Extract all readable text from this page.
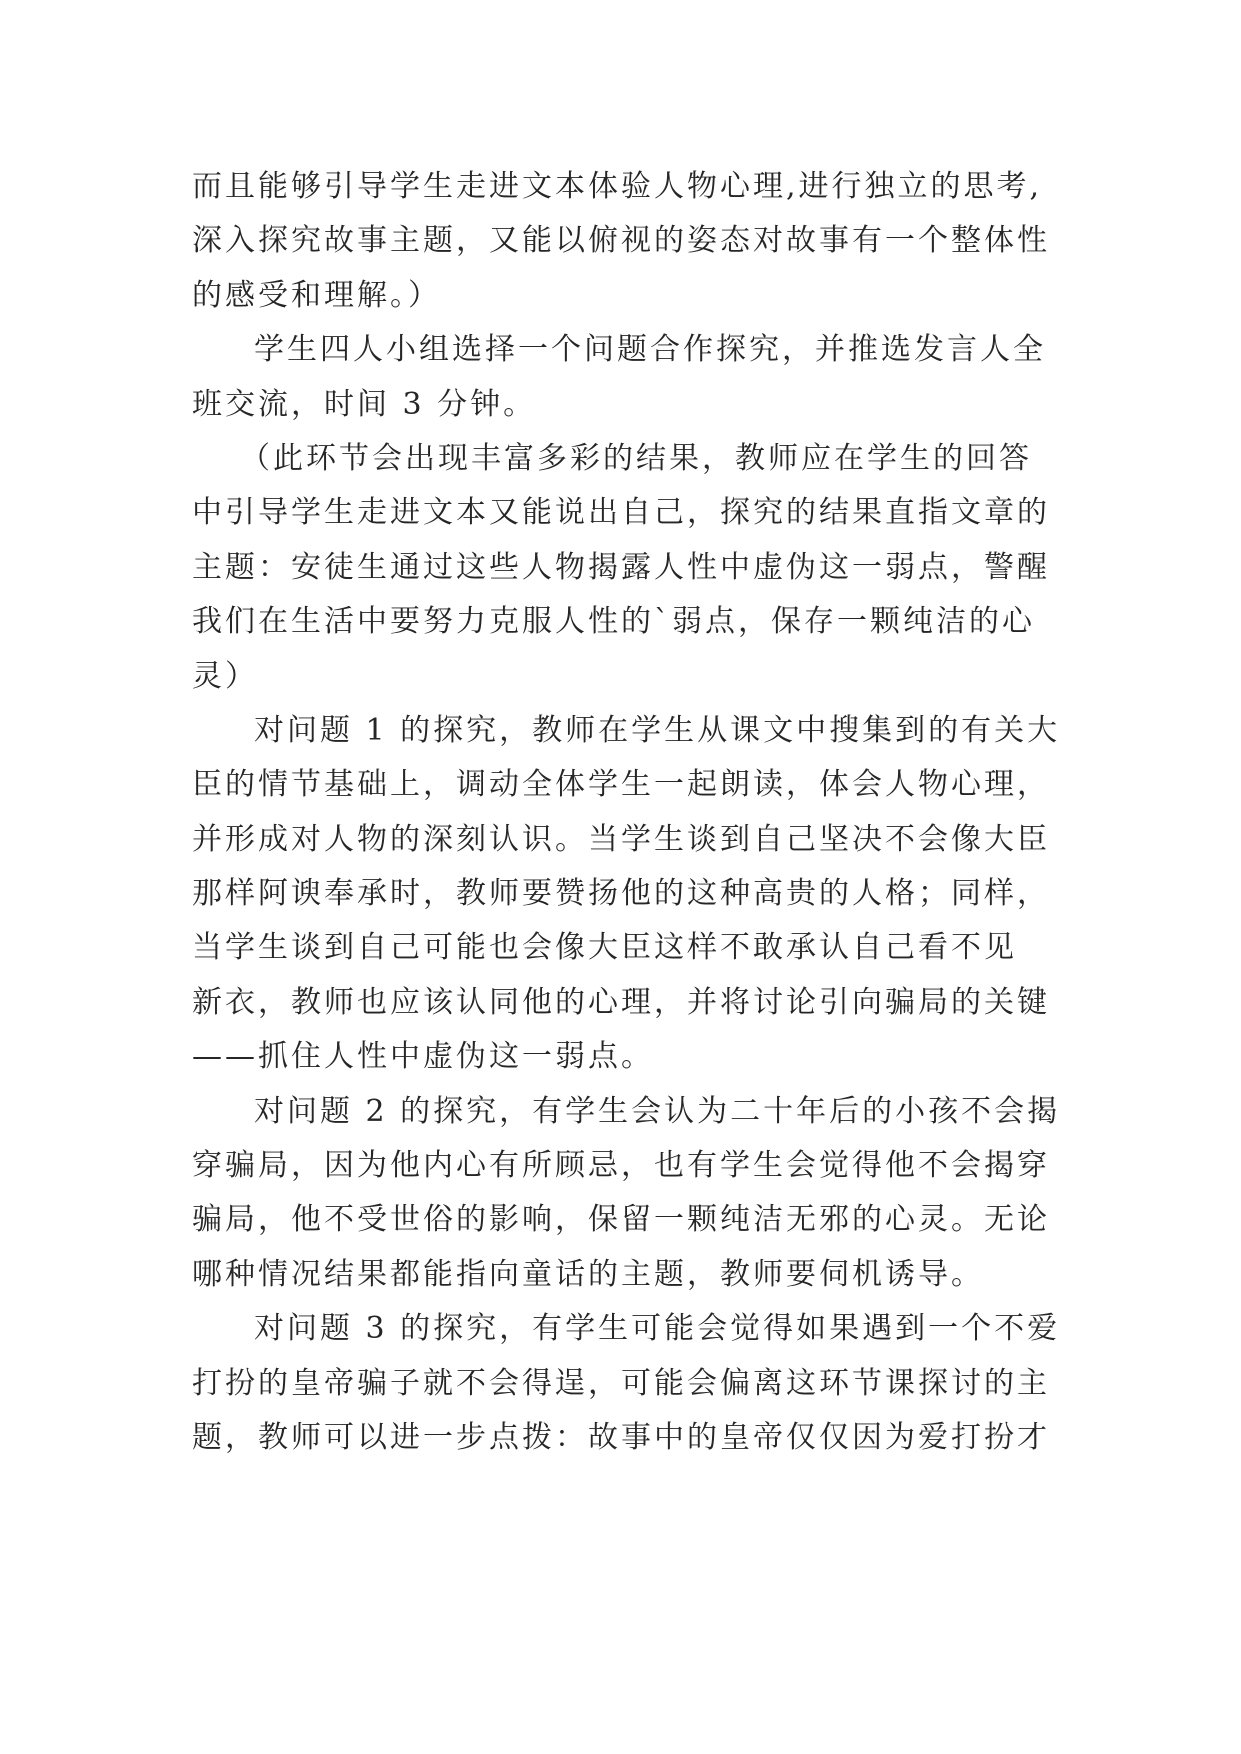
而且能够引导学生走进文本体验人物心理,进行独立的思考,
深入探究故事主题，又能以俯视的姿态对故事有一个整体性
的感受和理解。）
学生四人小组选择一个问题合作探究，并推选发言人全
班交流，时间 3 分钟。
（此环节会出现丰富多彩的结果，教师应在学生的回答
中引导学生走进文本又能说出自己，探究的结果直指文章的
主题：安徒生通过这些人物揭露人性中虚伪这一弱点，警醒
我们在生活中要努力克服人性的`弱点，保存一颗纯洁的心
灵）
对问题 1 的探究，教师在学生从课文中搜集到的有关大
臣的情节基础上，调动全体学生一起朗读，体会人物心理，
并形成对人物的深刻认识。当学生谈到自己坚决不会像大臣
那样阿谀奉承时，教师要赞扬他的这种高贵的人格；同样，
当学生谈到自己可能也会像大臣这样不敢承认自己看不见
新衣，教师也应该认同他的心理，并将讨论引向骗局的关键
——抓住人性中虚伪这一弱点。
对问题 2 的探究，有学生会认为二十年后的小孩不会揭
穿骗局，因为他内心有所顾忌，也有学生会觉得他不会揭穿
骗局，他不受世俗的影响，保留一颗纯洁无邪的心灵。无论
哪种情况结果都能指向童话的主题，教师要伺机诱导。
对问题 3 的探究，有学生可能会觉得如果遇到一个不爱
打扮的皇帝骗子就不会得逞，可能会偏离这环节课探讨的主
题，教师可以进一步点拨：故事中的皇帝仅仅因为爱打扮才
